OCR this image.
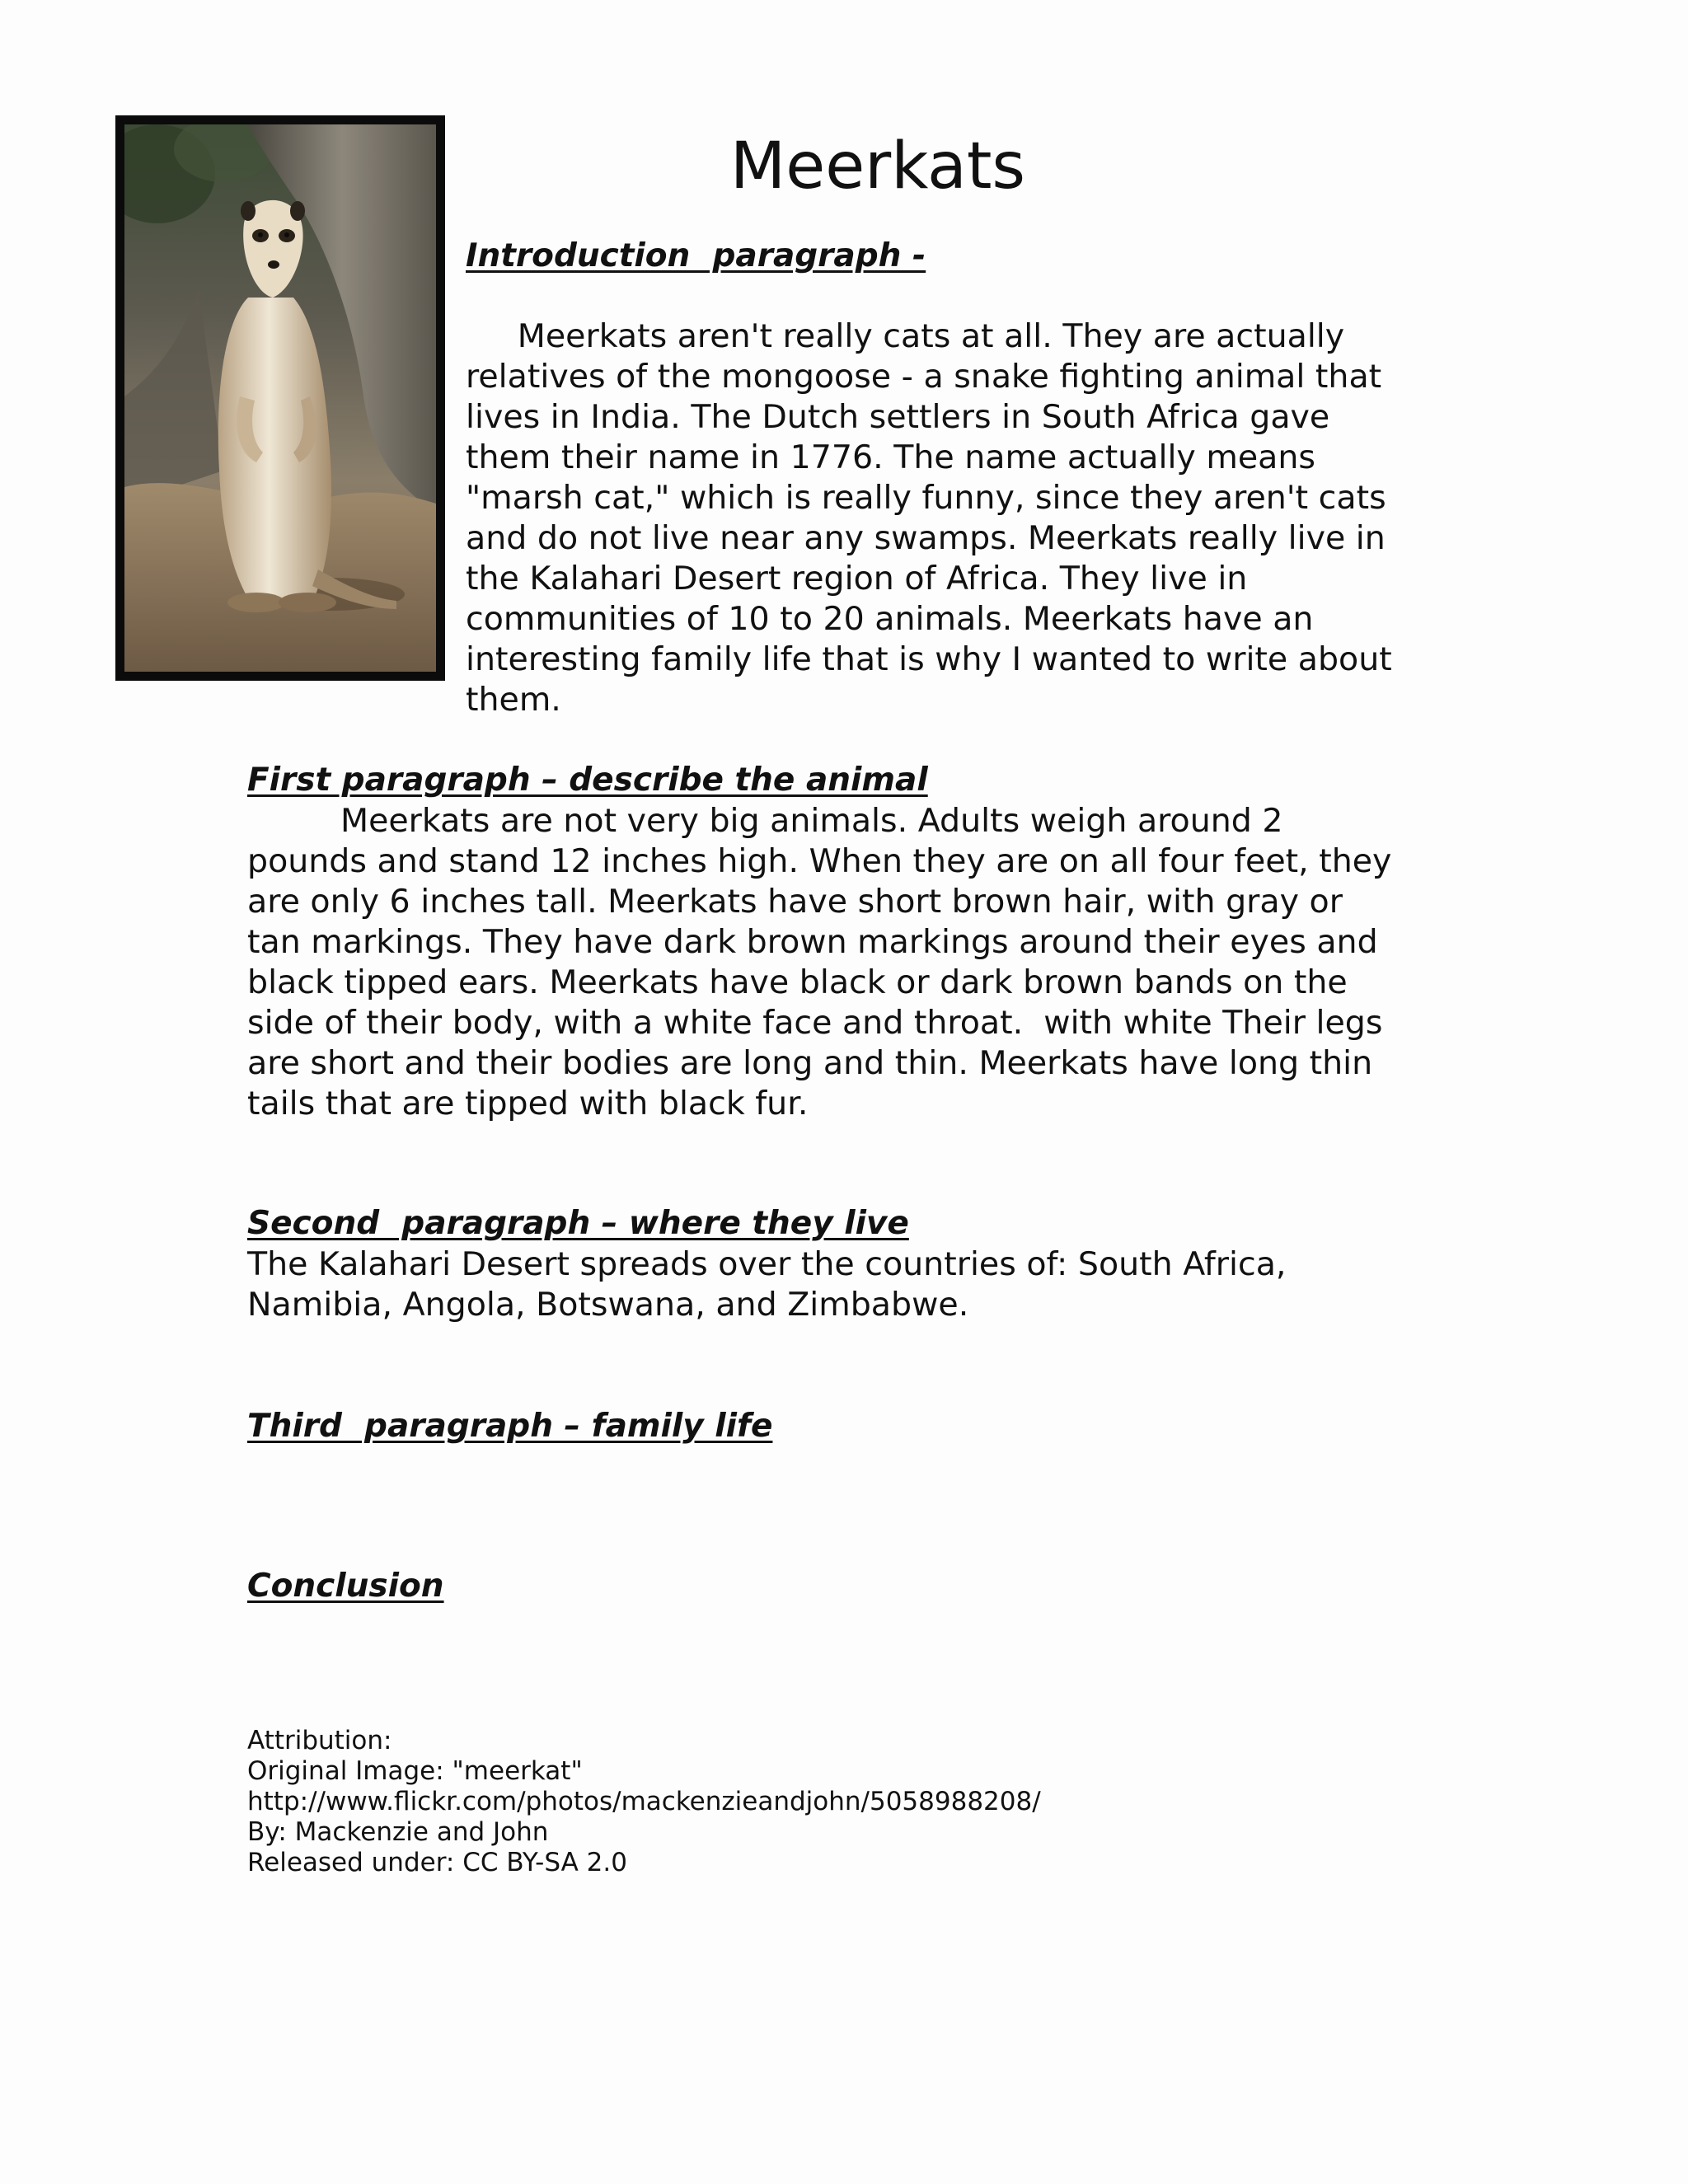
Meerkats
Introduction  paragraph -

Meerkats aren't really cats at all. They are actually

relatives of the mongoose - a snake fighting animal that

lives in India. The Dutch settlers in South Africa gave

them their name in 1776. The name actually means

"marsh cat," which is really funny, since they aren't cats

and do not live near any swamps. Meerkats really live in

the Kalahari Desert region of Africa. They live in

communities of 10 to 20 animals. Meerkats have an

interesting family life that is why I wanted to write about

them.

First paragraph – describe the animal

Meerkats are not very big animals. Adults weigh around 2

pounds and stand 12 inches high. When they are on all four feet, they

are only 6 inches tall. Meerkats have short brown hair, with gray or

tan markings. They have dark brown markings around their eyes and

black tipped ears. Meerkats have black or dark brown bands on the

side of their body, with a white face and throat.  with white Their legs

are short and their bodies are long and thin. Meerkats have long thin

tails that are tipped with black fur.

Second  paragraph – where they live

The Kalahari Desert spreads over the countries of: South Africa,

Namibia, Angola, Botswana, and Zimbabwe.

Third  paragraph – family life
Conclusion
Attribution:
Original Image: "meerkat"
http://www.flickr.com/photos/mackenzieandjohn/5058988208/
By: Mackenzie and John
Released under: CC BY-SA 2.0
